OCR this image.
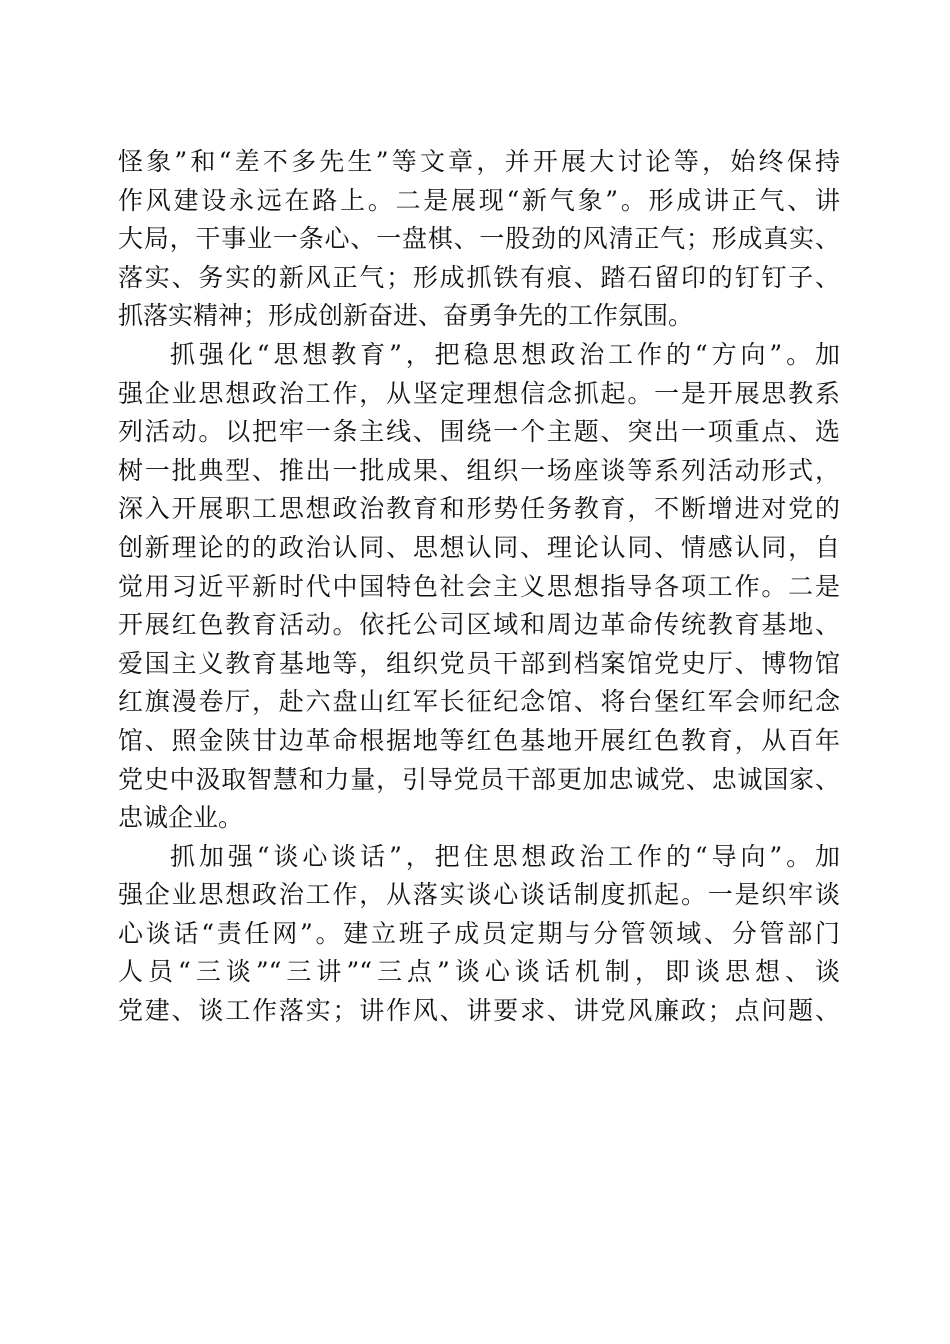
怪象”和“差不多先生”等文章，并开展大讨论等，始终保持
作风建设永远在路上。二是展现“新气象”。形成讲正气、讲
大局，干事业一条心、一盘棋、一股劲的风清正气；形成真实、
落实、务实的新风正气；形成抓铁有痕、踏石留印的钉钉子、
抓落实精神；形成创新奋进、奋勇争先的工作氛围。
抓强化“思想教育”，把稳思想政治工作的“方向”。加
强企业思想政治工作，从坚定理想信念抓起。一是开展思教系
列活动。以把牢一条主线、围绕一个主题、突出一项重点、选
树一批典型、推出一批成果、组织一场座谈等系列活动形式，
深入开展职工思想政治教育和形势任务教育，不断增进对党的
创新理论的的政治认同、思想认同、理论认同、情感认同，自
觉用习近平新时代中国特色社会主义思想指导各项工作。二是
开展红色教育活动。依托公司区域和周边革命传统教育基地、
爱国主义教育基地等，组织党员干部到档案馆党史厅、博物馆
红旗漫卷厅，赴六盘山红军长征纪念馆、将台堡红军会师纪念
馆、照金陕甘边革命根据地等红色基地开展红色教育，从百年
党史中汲取智慧和力量，引导党员干部更加忠诚党、忠诚国家、
忠诚企业。
抓加强“谈心谈话”，把住思想政治工作的“导向”。加
强企业思想政治工作，从落实谈心谈话制度抓起。一是织牢谈
心谈话“责任网”。建立班子成员定期与分管领域、分管部门
人员“三谈”“三讲”“三点”谈心谈话机制，即谈思想、谈
党建、谈工作落实；讲作风、讲要求、讲党风廉政；点问题、
